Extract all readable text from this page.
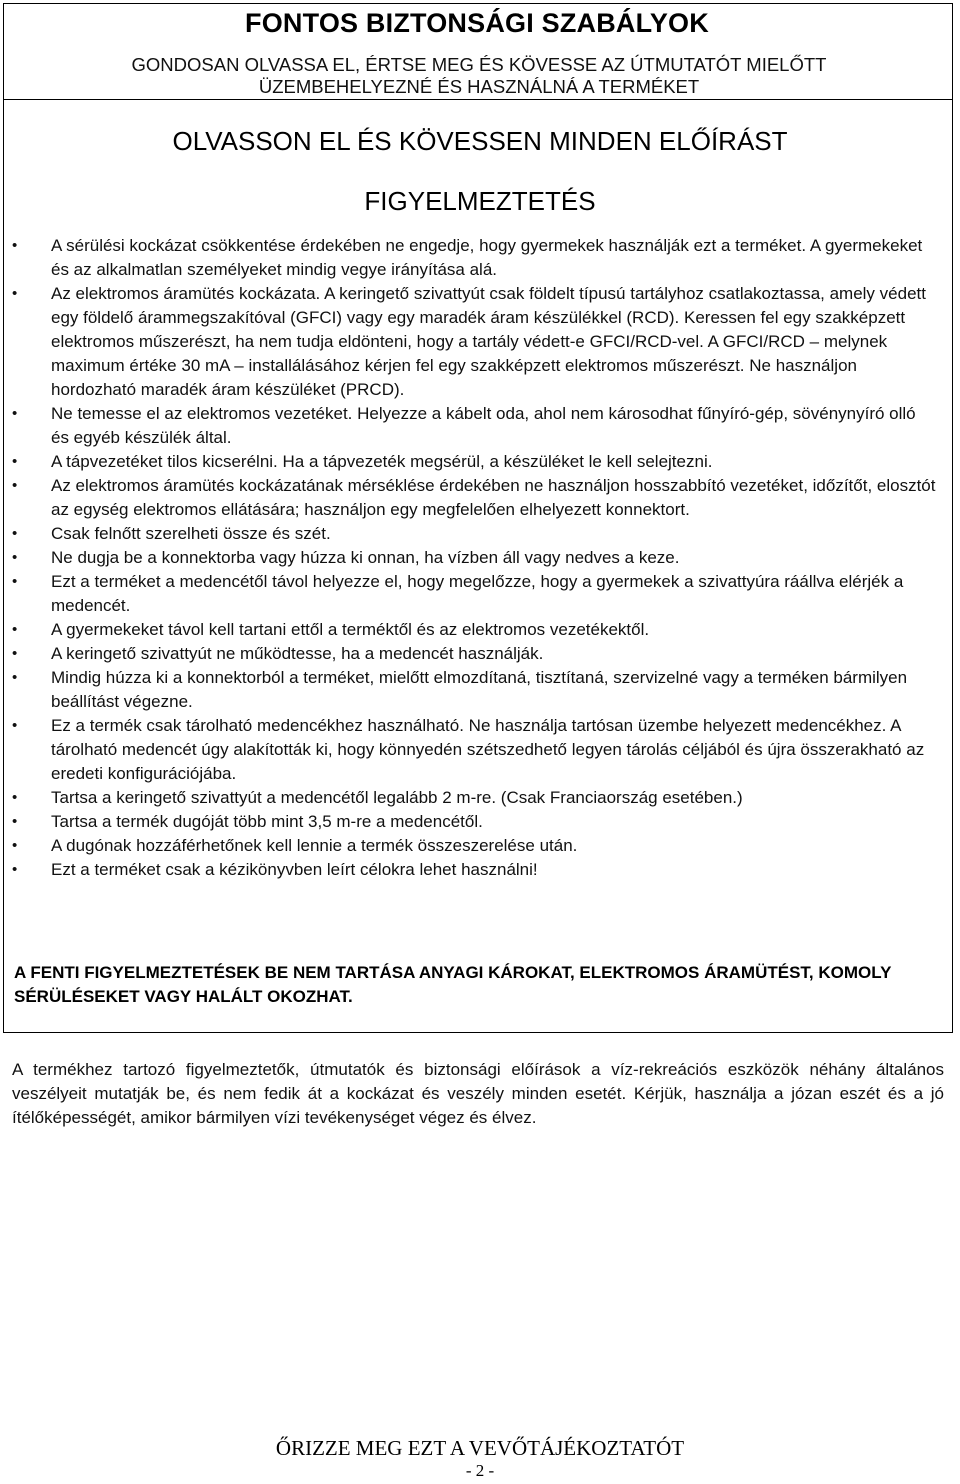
FONTOS BIZTONSÁGI SZABÁLYOK
GONDOSAN OLVASSA EL, ÉRTSE MEG ÉS KÖVESSE AZ ÚTMUTATÓT MIELŐTT
ÜZEMBEHELYEZNÉ ÉS HASZNÁLNÁ A TERMÉKET
OLVASSON EL ÉS KÖVESSEN MINDEN ELŐÍRÁST
FIGYELMEZTETÉS
•	A sérülési kockázat csökkentése érdekében ne engedje, hogy gyermekek használják ezt a terméket. A gyermekeket és az alkalmatlan személyeket mindig vegye irányítása alá.
•	Az elektromos áramütés kockázata. A keringető szivattyút csak földelt típusú tartályhoz csatlakoztassa, amely védett egy földelő árammegszakítóval (GFCI) vagy egy maradék áram készülékkel (RCD). Keressen fel egy szakképzett elektromos műszerészt, ha nem tudja eldönteni, hogy a tartály védett-e GFCI/RCD-vel. A GFCI/RCD – melynek maximum értéke 30 mA – installálásához kérjen fel egy szakképzett elektromos műszerészt. Ne használjon hordozható maradék áram készüléket (PRCD).
•	Ne temesse el az elektromos vezetéket. Helyezze a kábelt oda, ahol nem károsodhat fűnyíró-gép, sövénynyíró olló és egyéb készülék által.
•	A tápvezetéket tilos kicserélni. Ha a tápvezeték megsérül, a készüléket le kell selejtezni.
•	Az elektromos áramütés kockázatának mérséklése érdekében ne használjon hosszabbító vezetéket, időzítőt, elosztót az egység elektromos ellátására; használjon egy megfelelően elhelyezett konnektort.
•	Csak felnőtt szerelheti össze és szét.
•	Ne dugja be a konnektorba vagy húzza ki onnan, ha vízben áll vagy nedves a keze.
•	Ezt a terméket a medencétől távol helyezze el, hogy megelőzze, hogy a gyermekek a szivattyúra ráállva elérjék a medencét.
•	A gyermekeket távol kell tartani ettől a terméktől és az elektromos vezetékektől.
•	A keringető szivattyút ne működtesse, ha a medencét használják.
•	Mindig húzza ki a konnektorból a terméket, mielőtt elmozdítaná, tisztítaná, szervizelné vagy a terméken bármilyen beállítást végezne.
•	Ez a termék csak tárolható medencékhez használható. Ne használja tartósan üzembe helyezett medencékhez. A tárolható medencét úgy alakították ki, hogy könnyedén szétszedhető legyen tárolás céljából és újra összerakható az eredeti konfigurációjába.
•	Tartsa a keringető szivattyút a medencétől legalább 2 m-re. (Csak Franciaország esetében.)
•	Tartsa a termék dugóját több mint 3,5 m-re a medencétől.
•	A dugónak hozzáférhetőnek kell lennie a termék összeszerelése után.
•	Ezt a terméket csak a kézikönyvben leírt célokra lehet használni!
A FENTI FIGYELMEZTETÉSEK BE NEM TARTÁSA ANYAGI KÁROKAT, ELEKTROMOS ÁRAMÜTÉST, KOMOLY SÉRÜLÉSEKET VAGY HALÁLT OKOZHAT.
A termékhez tartozó figyelmeztetők, útmutatók és biztonsági előírások a víz-rekreációs eszközök néhány általános veszélyeit mutatják be, és nem fedik át a kockázat és veszély minden esetét. Kérjük, használja a józan eszét és a jó ítélőképességét, amikor bármilyen vízi tevékenységet végez és élvez.
ŐRIZZE MEG EZT A VEVŐTÁJÉKOZTATÓT
- 2 -
